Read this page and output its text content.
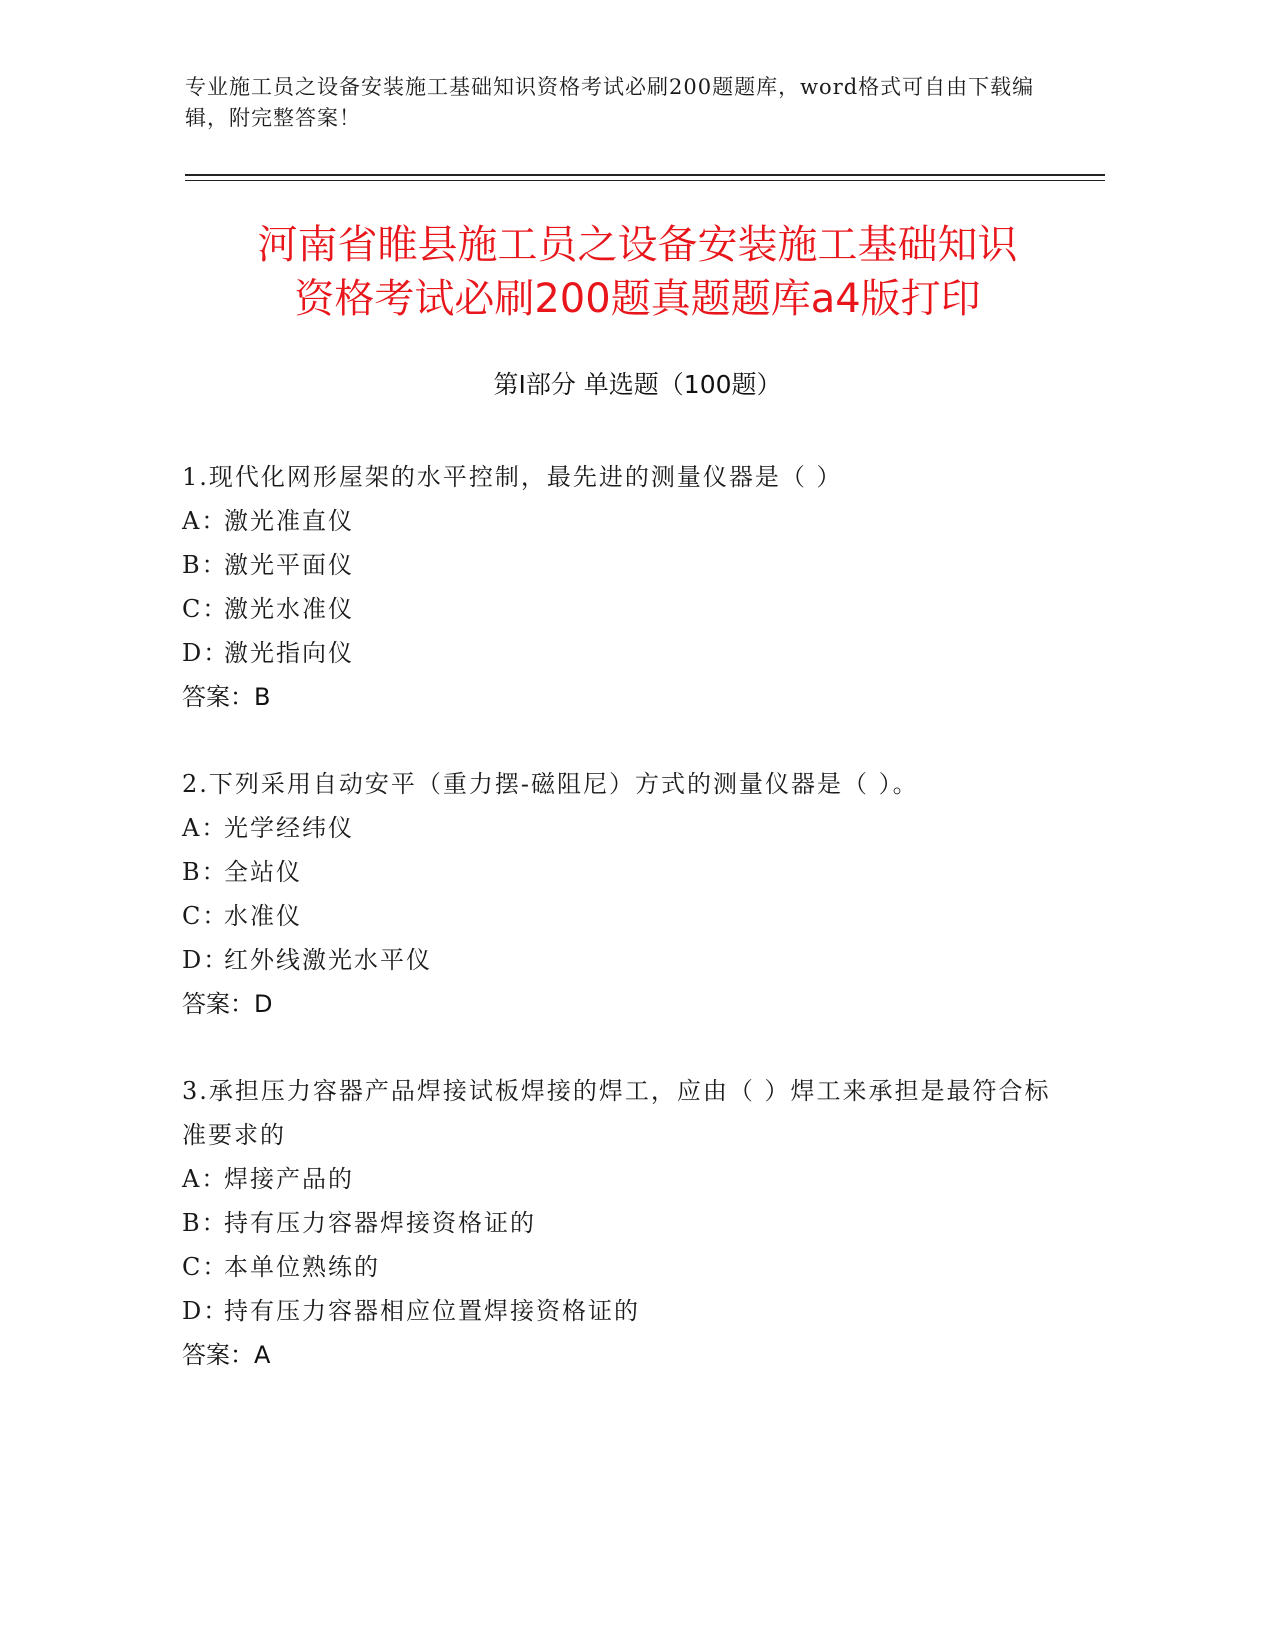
专业施工员之设备安装施工基础知识资格考试必刷200题题库，word格式可自由下载编辑，附完整答案！
河南省睢县施工员之设备安装施工基础知识
资格考试必刷200题真题题库a4版打印
第Ⅰ部分 单选题（100题）
1.现代化网形屋架的水平控制，最先进的测量仪器是（ ）
A：激光准直仪
B：激光平面仪
C：激光水准仪
D：激光指向仪
答案：B
2.下列采用自动安平（重力摆-磁阻尼）方式的测量仪器是（ ）。
A：光学经纬仪
B：全站仪
C：水准仪
D：红外线激光水平仪
答案：D
3.承担压力容器产品焊接试板焊接的焊工，应由（ ）焊工来承担是最符合标准要求的
A：焊接产品的
B：持有压力容器焊接资格证的
C：本单位熟练的
D：持有压力容器相应位置焊接资格证的
答案：A
